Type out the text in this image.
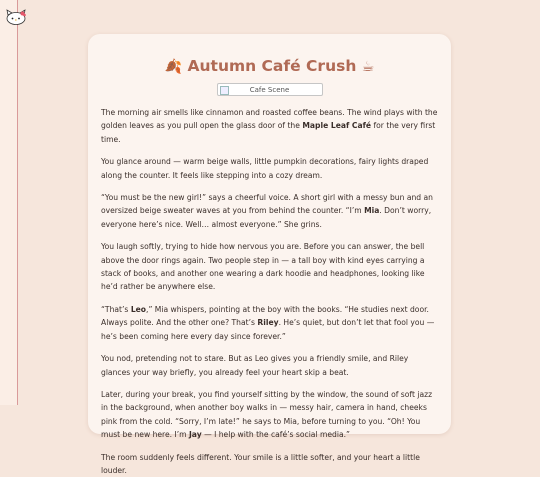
🍂 Autumn Café Crush ☕
Cafe Scene

The morning air smells like cinnamon and roasted coffee beans. The wind plays with the golden leaves as you pull open the glass door of the Maple Leaf Café for the very first time.

You glance around — warm beige walls, little pumpkin decorations, fairy lights draped along the counter. It feels like stepping into a cozy dream.

“You must be the new girl!” says a cheerful voice. A short girl with a messy bun and an oversized beige sweater waves at you from behind the counter. “I’m Mia. Don’t worry, everyone here’s nice. Well… almost everyone.” She grins.

You laugh softly, trying to hide how nervous you are. Before you can answer, the bell above the door rings again. Two people step in — a tall boy with kind eyes carrying a stack of books, and another one wearing a dark hoodie and headphones, looking like he’d rather be anywhere else.

“That’s Leo,” Mia whispers, pointing at the boy with the books. “He studies next door. Always polite. And the other one? That’s Riley. He’s quiet, but don’t let that fool you — he’s been coming here every day since forever.”

You nod, pretending not to stare. But as Leo gives you a friendly smile, and Riley glances your way briefly, you already feel your heart skip a beat.

Later, during your break, you find yourself sitting by the window, the sound of soft jazz in the background, when another boy walks in — messy hair, camera in hand, cheeks pink from the cold. “Sorry, I’m late!” he says to Mia, before turning to you. “Oh! You must be new here. I’m Jay — I help with the café’s social media.”

The room suddenly feels different. Your smile is a little softer, and your heart a little louder.
